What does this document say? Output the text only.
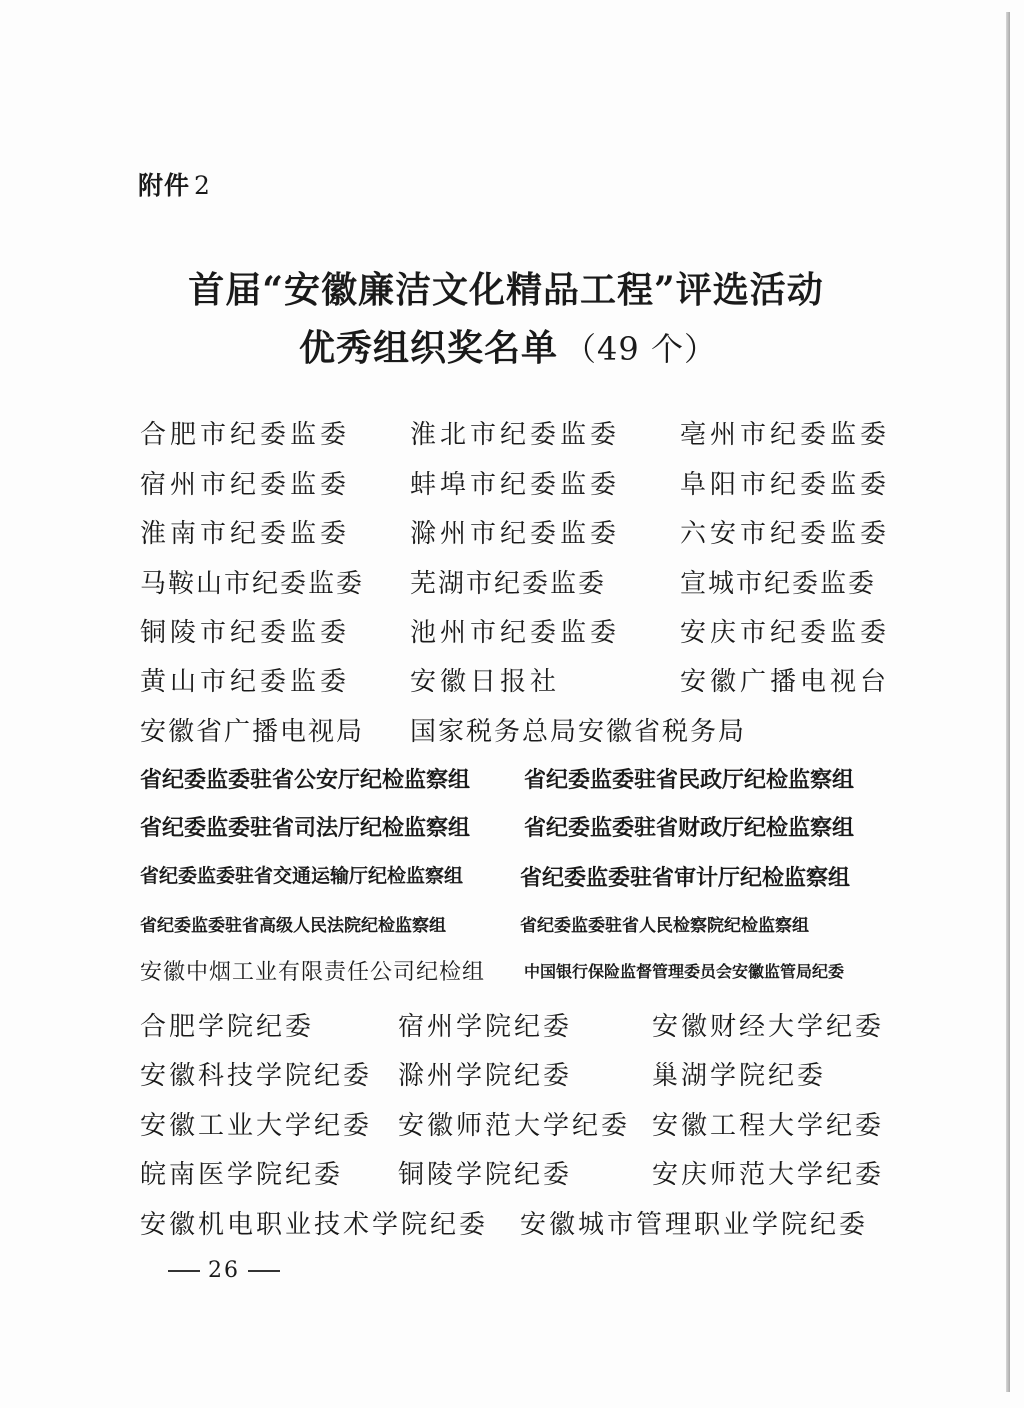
附件 2
首届“安徽廉洁文化精品工程”评选活动
优秀组织奖名单 （49 个）
合肥市纪委监委 淮北市纪委监委 亳州市纪委监委
宿州市纪委监委 蚌埠市纪委监委 阜阳市纪委监委
淮南市纪委监委 滁州市纪委监委 六安市纪委监委
马鞍山市纪委监委 芜湖市纪委监委	宣城市纪委监委
铜陵市纪委监委 池州市纪委监委 安庆市纪委监委
黄山市纪委监委 安徽日报社	安徽广播电视台
安徽省广播电视局 国家税务总局安徽省税务局
省纪委监委驻省公安厅纪检监察组 省纪委监委驻省民政厅纪检监察组
省纪委监委驻省司法厅纪检监察组 省纪委监委驻省财政厅纪检监察组
省纪委监委驻省交通运输厅纪检监察组	省纪委监委驻省审计厅纪检监察组
省纪委监委驻省高级人民法院纪检监察组	省纪委监委驻省人民检察院纪检监察组
安徽中烟工业有限责任公司纪检组 中国银行保险监督管理委员会安徽监管局纪委
合肥学院纪委	宿州学院纪委	安徽财经大学纪委
安徽科技学院纪委 滁州学院纪委	巢湖学院纪委
安徽工业大学纪委 安徽师范大学纪委 安徽工程大学纪委
皖南医学院纪委 铜陵学院纪委	安庆师范大学纪委
安徽机电职业技术学院纪委 安徽城市管理职业学院纪委
26
